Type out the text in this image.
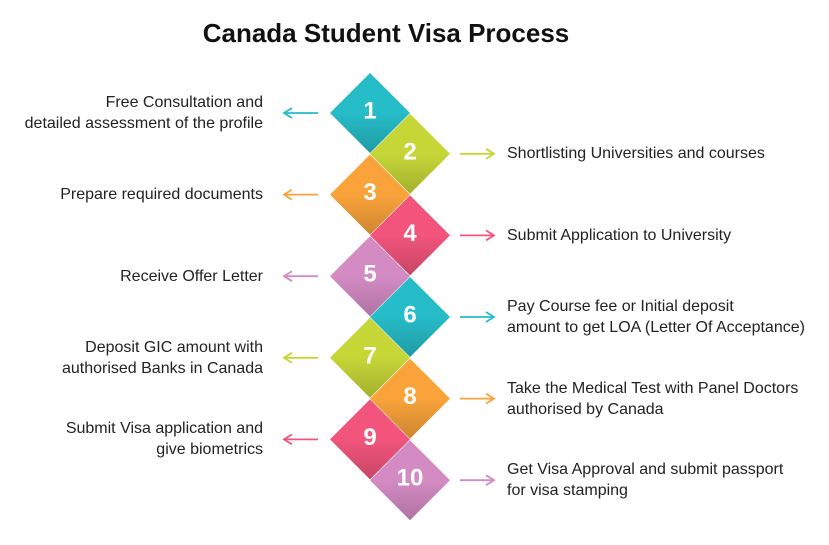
Canada Student Visa Process
1
2
3
4
5
6
7
8
9
10
Free Consultation and
detailed assessment of the profile
Shortlisting Universities and courses
Prepare required documents
Submit Application to University
Receive Offer Letter
Pay Course fee or Initial deposit
amount to get LOA (Letter Of Acceptance)
Deposit GIC amount with
authorised Banks in Canada
Take the Medical Test with Panel Doctors
authorised by Canada
Submit Visa application and
give biometrics
Get Visa Approval and submit passport
for visa stamping
